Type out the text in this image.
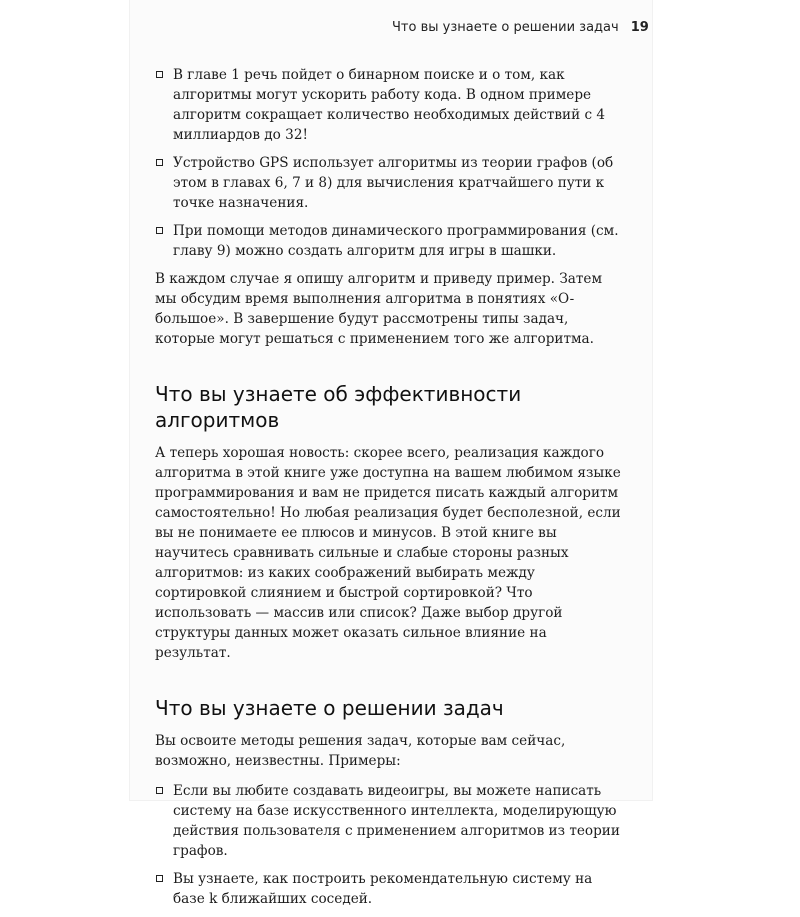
Что вы узнаете о решении задач 19
В главе 1 речь пойдет о бинарном поиске и о том, как алгоритмы могут ускорить работу кода. В одном примере алгоритм сокращает количество необходимых действий с 4 миллиардов до 32!
Устройство GPS использует алгоритмы из теории графов (об этом в главах 6, 7 и 8) для вычисления кратчайшего пути к точке назначения.
При помощи методов динамического программирования (см. главу 9) можно создать алгоритм для игры в шашки.

В каждом случае я опишу алгоритм и приведу пример. Затем мы обсудим время выполнения алгоритма в понятиях «O-большое». В завершение будут рассмотрены типы задач, которые могут решаться с применением того же алгоритма.

Что вы узнаете об эффективности алгоритмов

А теперь хорошая новость: скорее всего, реализация каждого алгоритма в этой книге уже доступна на вашем любимом языке программирования и вам не придется писать каждый алгоритм самостоятельно! Но любая реализация будет бесполезной, если вы не понимаете ее плюсов и минусов. В этой книге вы научитесь сравнивать сильные и слабые стороны разных алгоритмов: из каких соображений выбирать между сортировкой слиянием и быстрой сортировкой? Что использовать — массив или список? Даже выбор другой структуры данных может оказать сильное влияние на результат.

Что вы узнаете о решении задач

Вы освоите методы решения задач, которые вам сейчас, возможно, неизвестны. Примеры:

Если вы любите создавать видеоигры, вы можете написать систему на базе искусственного интеллекта, моделирующую действия пользователя с применением алгоритмов из теории графов.
Вы узнаете, как построить рекомендательную систему на базе k ближайших соседей.
